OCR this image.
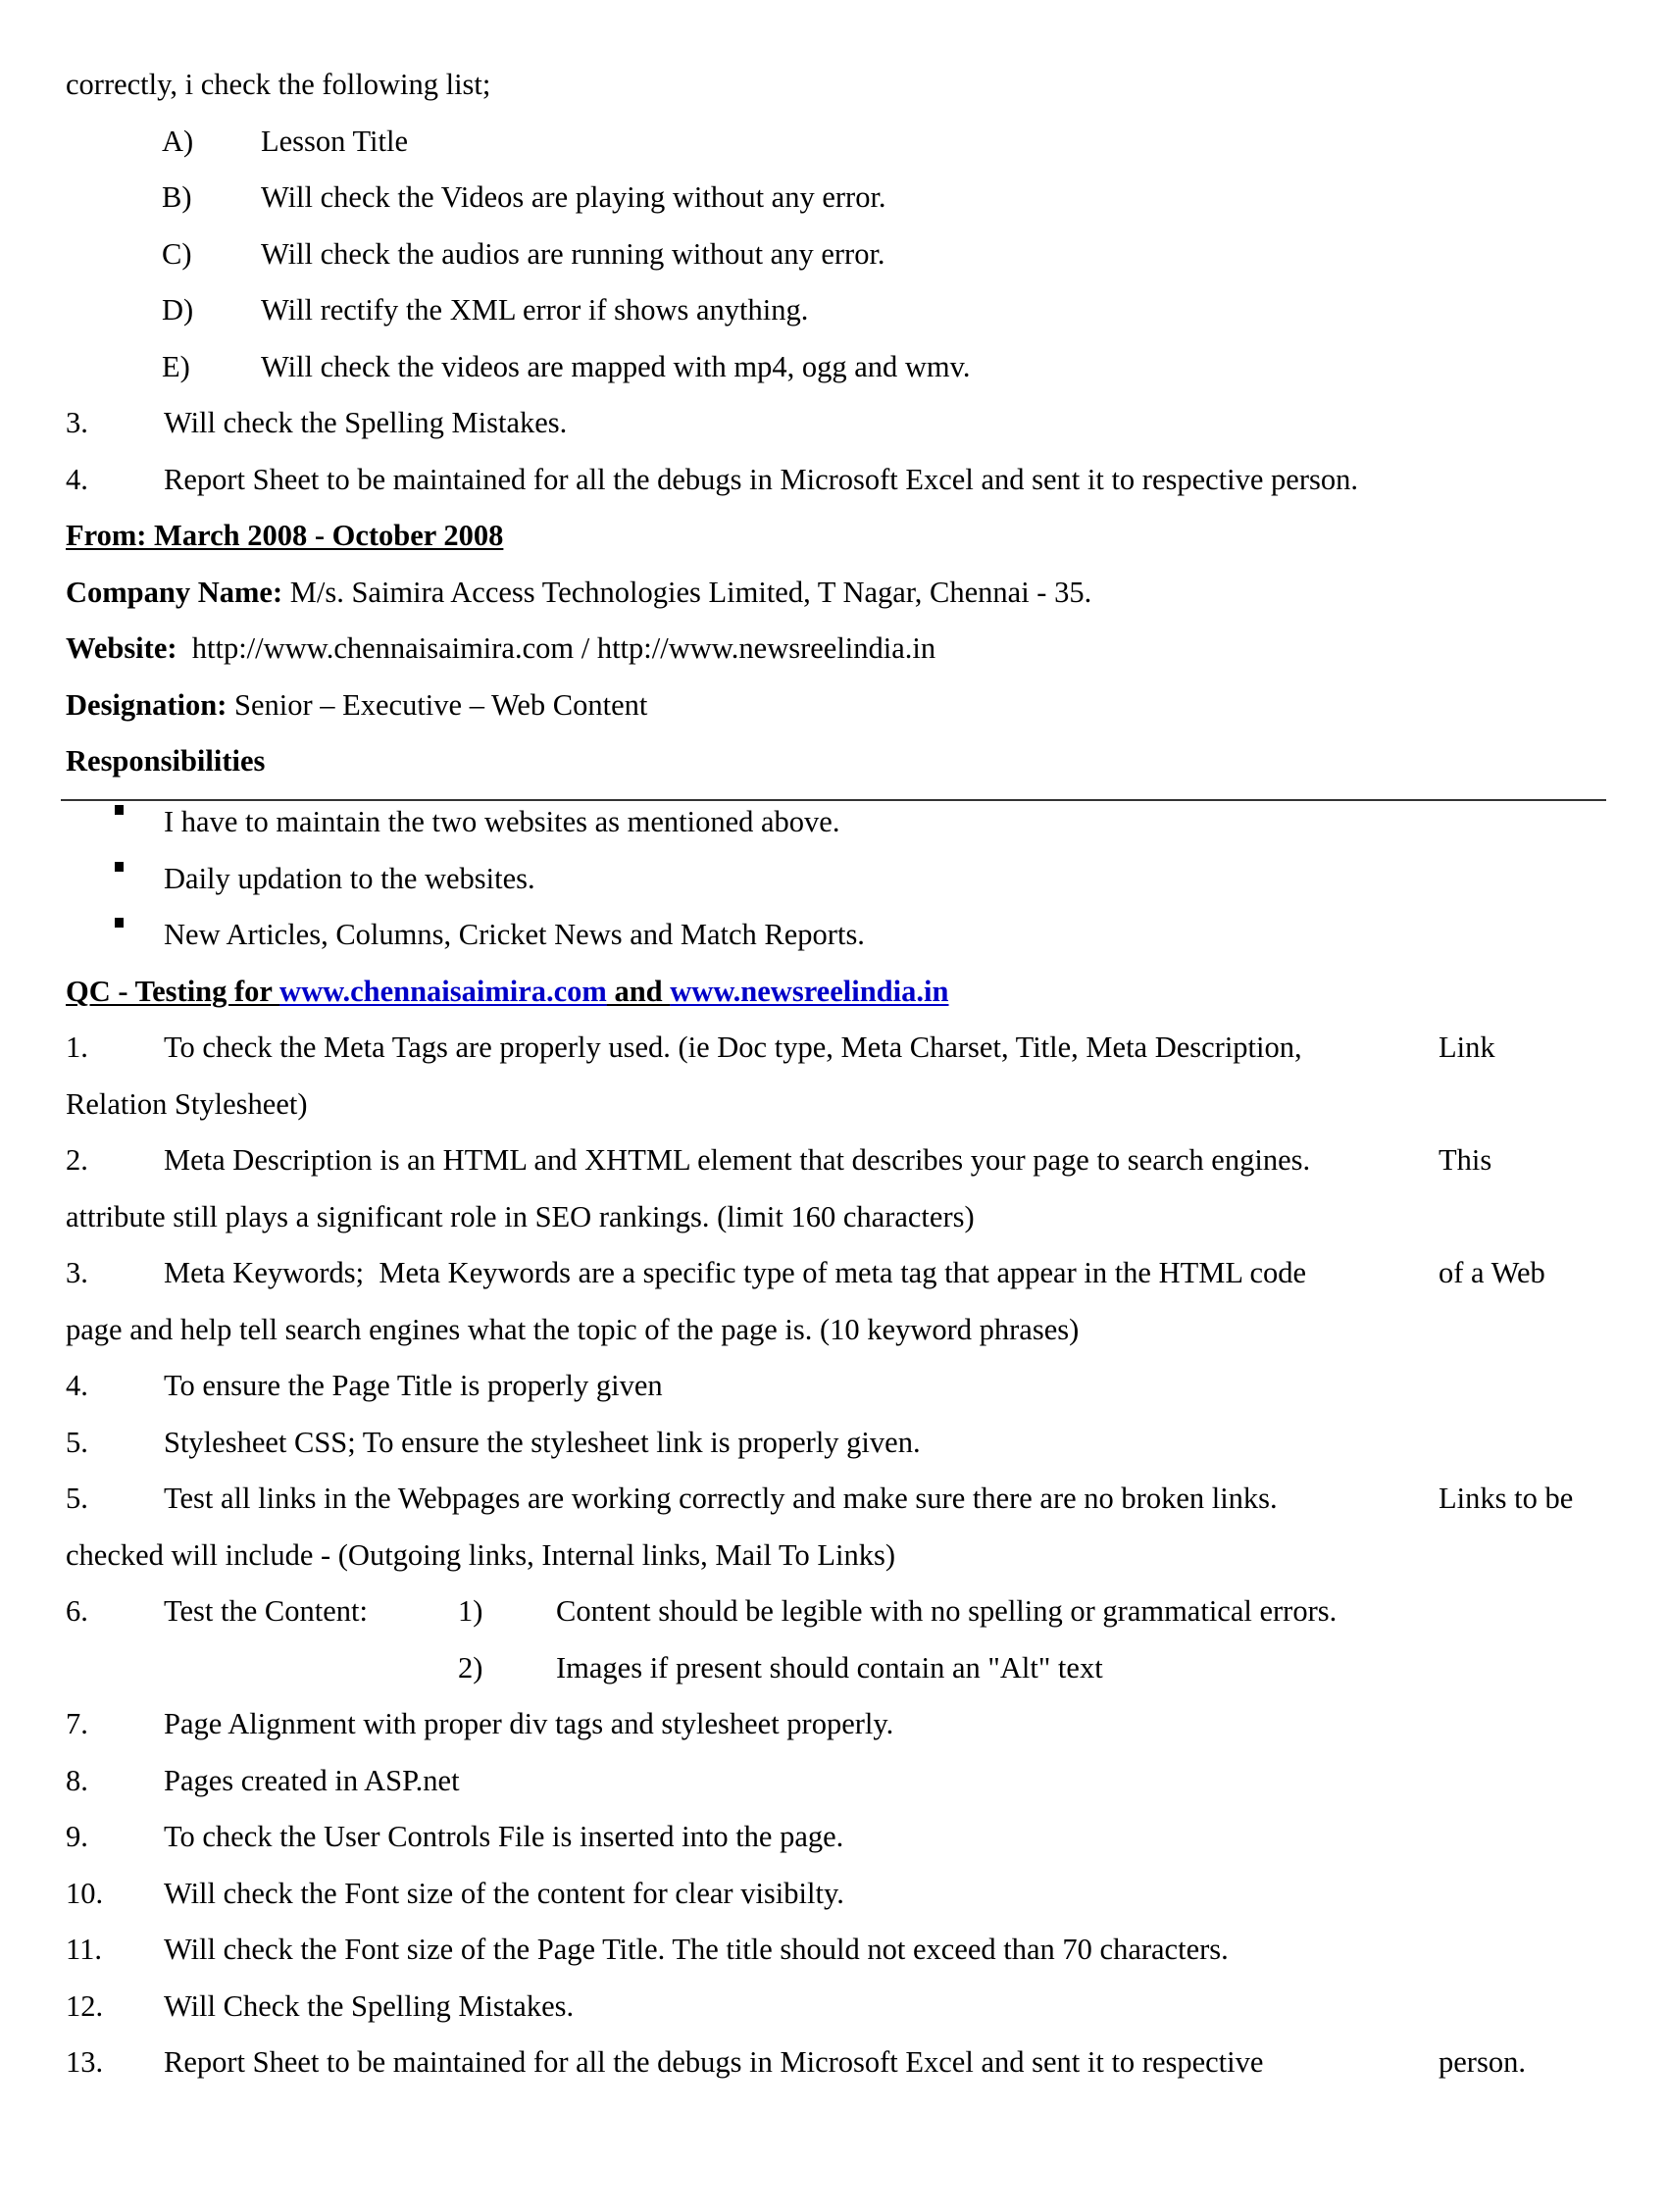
correctly, i check the following list;

A)

Lesson Title

B)

Will check the Videos are playing without any error.

C)

Will check the audios are running without any error.

D)

Will rectify the XML error if shows anything.

E)

Will check the videos are mapped with mp4, ogg and wmv.

3.

	Will check the Spelling Mistakes.

4.

	Report Sheet to be maintained for all the debugs in Microsoft Excel and sent it to respective person.

From: March 2008 - October 2008

Company Name: M/s. Saimira Access Technologies Limited, T Nagar, Chennai - 35.

Website:  http://www.chennaisaimira.com / http://www.newsreelindia.in

Designation: Senior – Executive – Web Content

Responsibilities

I have to maintain the two websites as mentioned above.

Daily updation to the websites.

New Articles, Columns, Cricket News and Match Reports.

QC - Testing for www.chennaisaimira.com and www.newsreelindia.in

1.

	To check the Meta Tags are properly used. (ie Doc type, Meta Charset, Title, Meta Description,

	Link

Relation Stylesheet)

2.

	Meta Description is an HTML and XHTML element that describes your page to search engines.

	This

attribute still plays a significant role in SEO rankings. (limit 160 characters)

3.

	Meta Keywords;  Meta Keywords are a specific type of meta tag that appear in the HTML code

	of a Web

page and help tell search engines what the topic of the page is. (10 keyword phrases)

4.

	To ensure the Page Title is properly given

5.

	Stylesheet CSS; To ensure the stylesheet link is properly given.

5.

	Test all links in the Webpages are working correctly and make sure there are no broken links.

	Links to be

checked will include - (Outgoing links, Internal links, Mail To Links)

6.

	Test the Content:

	1)

Content should be legible with no spelling or grammatical errors.

2)

Images if present should contain an "Alt" text

7.

	Page Alignment with proper div tags and stylesheet properly.

8.

	Pages created in ASP.net

9.

	To check the User Controls File is inserted into the page.

10.

Will check the Font size of the content for clear visibilty.

11.

Will check the Font size of the Page Title. The title should not exceed than 70 characters.

12.

Will Check the Spelling Mistakes.

13.

Report Sheet to be maintained for all the debugs in Microsoft Excel and sent it to respective

	person.
